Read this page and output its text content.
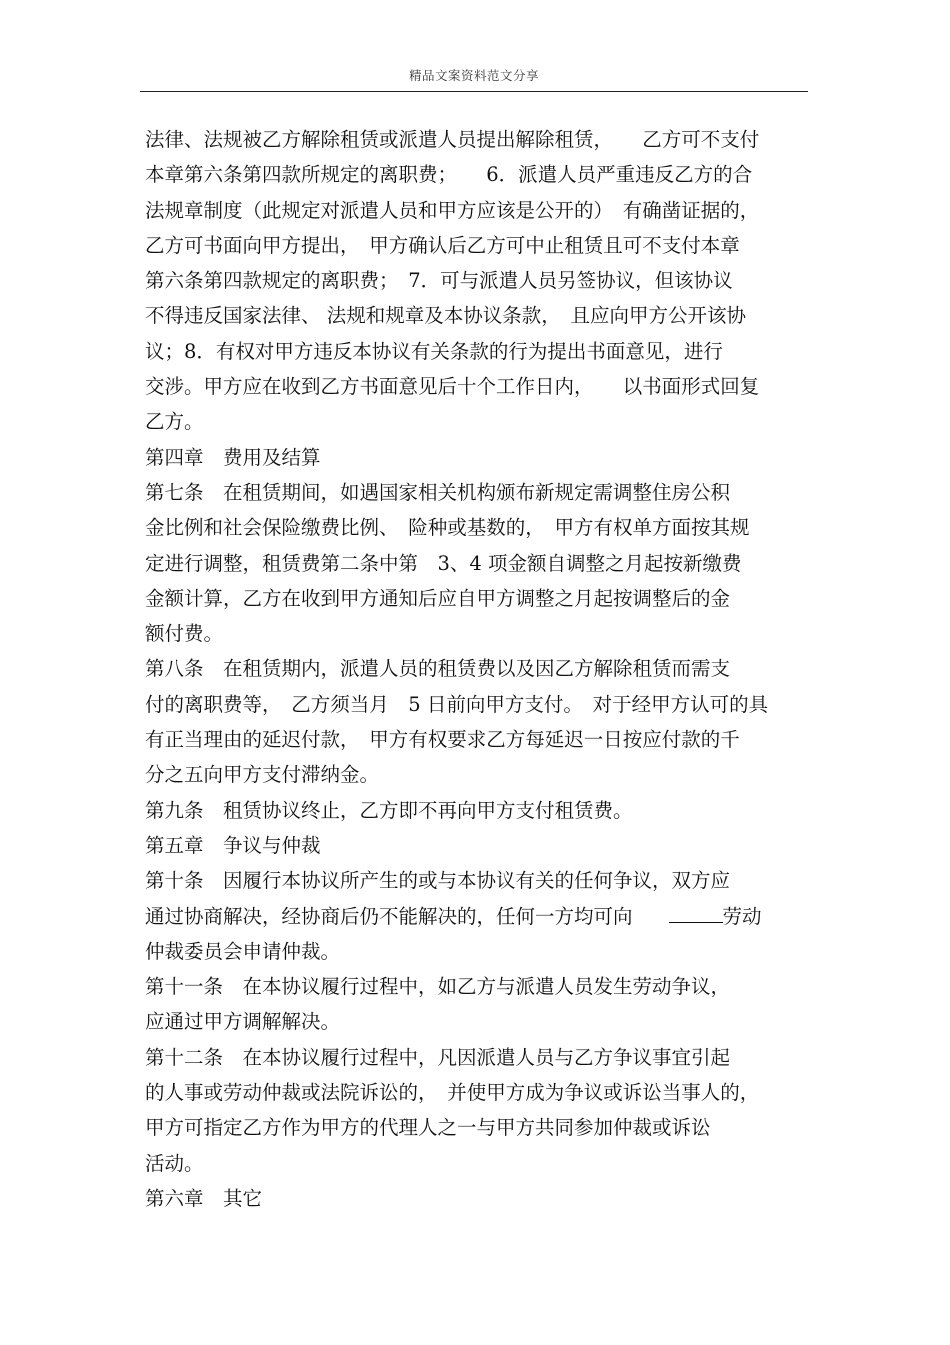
精品文案资料范文分享
法律、法规被乙方解除租赁或派遣人员提出解除租赁，　　乙方可不支付
本章第六条第四款所规定的离职费；　　6．派遣人员严重违反乙方的合
法规章制度（此规定对派遣人员和甲方应该是公开的）　有确凿证据的，
乙方可书面向甲方提出，　甲方确认后乙方可中止租赁且可不支付本章
第六条第四款规定的离职费；　7．可与派遣人员另签协议，但该协议
不得违反国家法律、 法规和规章及本协议条款，　且应向甲方公开该协
议；8．有权对甲方违反本协议有关条款的行为提出书面意见，进行
交涉。甲方应在收到乙方书面意见后十个工作日内，　　以书面形式回复
乙方。
第四章　费用及结算
第七条　在租赁期间，如遇国家相关机构颁布新规定需调整住房公积
金比例和社会保险缴费比例、　险种或基数的，　甲方有权单方面按其规
定进行调整，租赁费第二条中第　3、4 项金额自调整之月起按新缴费
金额计算，乙方在收到甲方通知后应自甲方调整之月起按调整后的金
额付费。
第八条　在租赁期内，派遣人员的租赁费以及因乙方解除租赁而需支
付的离职费等，　乙方须当月　5 日前向甲方支付。　对于经甲方认可的具
有正当理由的延迟付款，　甲方有权要求乙方每延迟一日按应付款的千
分之五向甲方支付滞纳金。
第九条　租赁协议终止，乙方即不再向甲方支付租赁费。
第五章　争议与仲裁
第十条　因履行本协议所产生的或与本协议有关的任何争议，双方应
通过协商解决，经协商后仍不能解决的，任何一方均可向	劳动
仲裁委员会申请仲裁。
第十一条　在本协议履行过程中，如乙方与派遣人员发生劳动争议，
应通过甲方调解解决。
第十二条　在本协议履行过程中，凡因派遣人员与乙方争议事宜引起
的人事或劳动仲裁或法院诉讼的，　并使甲方成为争议或诉讼当事人的，
甲方可指定乙方作为甲方的代理人之一与甲方共同参加仲裁或诉讼
活动。
第六章　其它
